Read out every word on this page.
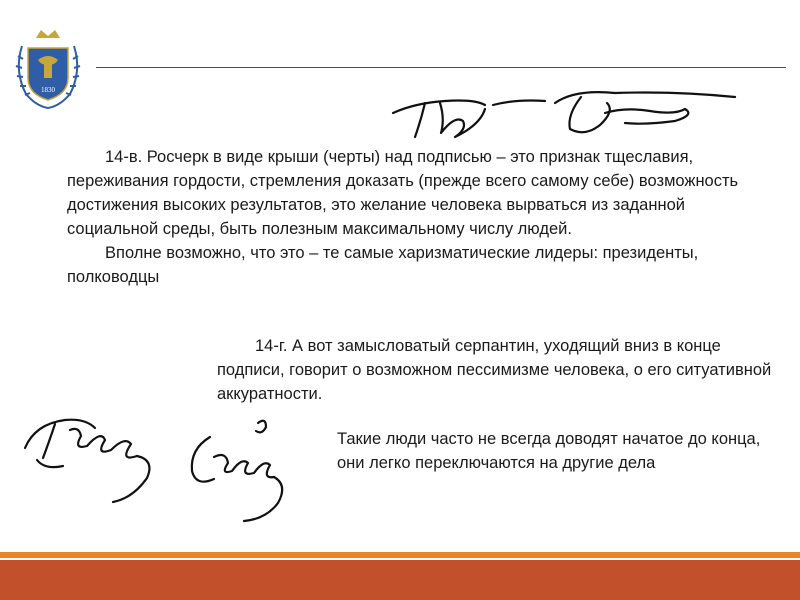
1830

14-в. Росчерк в виде крыши (черты) над подписью – это признак тщеславия, переживания гордости, стремления доказать (прежде всего самому себе) возможность достижения высоких результатов, это желание человека вырваться из заданной социальной среды, быть полезным максимальному числу людей.

Вполне возможно, что это – те самые харизматические лидеры: президенты, полководцы

14-г. А вот замысловатый серпантин, уходящий вниз в конце подписи, говорит о возможном пессимизме человека, о его ситуативной аккуратности.

Такие люди часто не всегда доводят начатое до конца, они легко переключаются на другие дела
